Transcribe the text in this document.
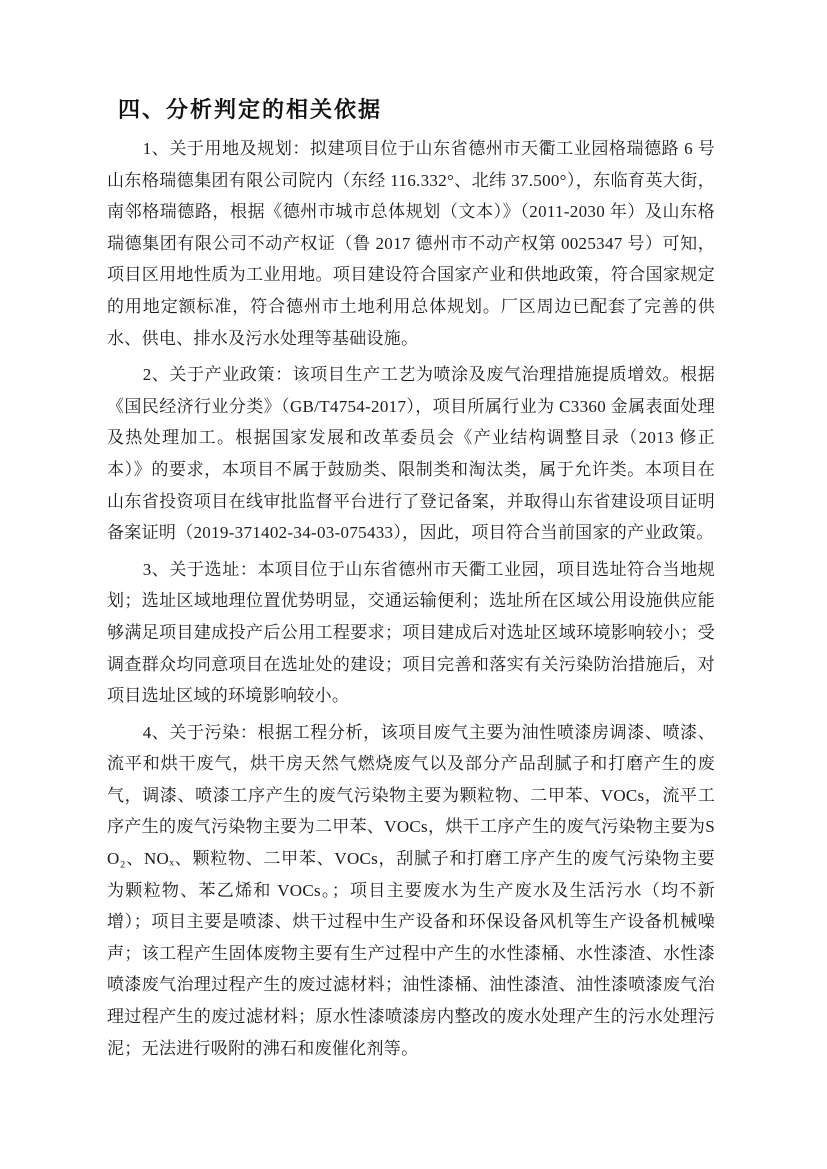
四、分析判定的相关依据

1、关于用地及规划：拟建项目位于山东省德州市天衢工业园格瑞德路 6 号山东格瑞德集团有限公司院内（东经 116.332°、北纬 37.500°），东临育英大街，南邻格瑞德路，根据《德州市城市总体规划（文本）》（2011-2030 年）及山东格瑞德集团有限公司不动产权证（鲁 2017 德州市不动产权第 0025347 号）可知，项目区用地性质为工业用地。项目建设符合国家产业和供地政策，符合国家规定的用地定额标准，符合德州市土地利用总体规划。厂区周边已配套了完善的供水、供电、排水及污水处理等基础设施。

2、关于产业政策：该项目生产工艺为喷涂及废气治理措施提质增效。根据《国民经济行业分类》（GB/T4754-2017），项目所属行业为 C3360 金属表面处理及热处理加工。根据国家发展和改革委员会《产业结构调整目录（2013 修正本）》的要求，本项目不属于鼓励类、限制类和淘汰类，属于允许类。本项目在山东省投资项目在线审批监督平台进行了登记备案，并取得山东省建设项目证明备案证明（2019-371402-34-03-075433），因此，项目符合当前国家的产业政策。

3、关于选址：本项目位于山东省德州市天衢工业园，项目选址符合当地规划；选址区域地理位置优势明显，交通运输便利；选址所在区域公用设施供应能够满足项目建成投产后公用工程要求；项目建成后对选址区域环境影响较小；受调查群众均同意项目在选址处的建设；项目完善和落实有关污染防治措施后，对项目选址区域的环境影响较小。

4、关于污染：根据工程分析，该项目废气主要为油性喷漆房调漆、喷漆、流平和烘干废气，烘干房天然气燃烧废气以及部分产品刮腻子和打磨产生的废气，调漆、喷漆工序产生的废气污染物主要为颗粒物、二甲苯、VOCs，流平工序产生的废气污染物主要为二甲苯、VOCs，烘干工序产生的废气污染物主要为SO₂、NOₓ、颗粒物、二甲苯、VOCs，刮腻子和打磨工序产生的废气污染物主要为颗粒物、苯乙烯和 VOCs。；项目主要废水为生产废水及生活污水（均不新增）；项目主要是喷漆、烘干过程中生产设备和环保设备风机等生产设备机械噪声；该工程产生固体废物主要有生产过程中产生的水性漆桶、水性漆渣、水性漆喷漆废气治理过程产生的废过滤材料；油性漆桶、油性漆渣、油性漆喷漆废气治理过程产生的废过滤材料；原水性漆喷漆房内整改的废水处理产生的污水处理污泥；无法进行吸附的沸石和废催化剂等。
